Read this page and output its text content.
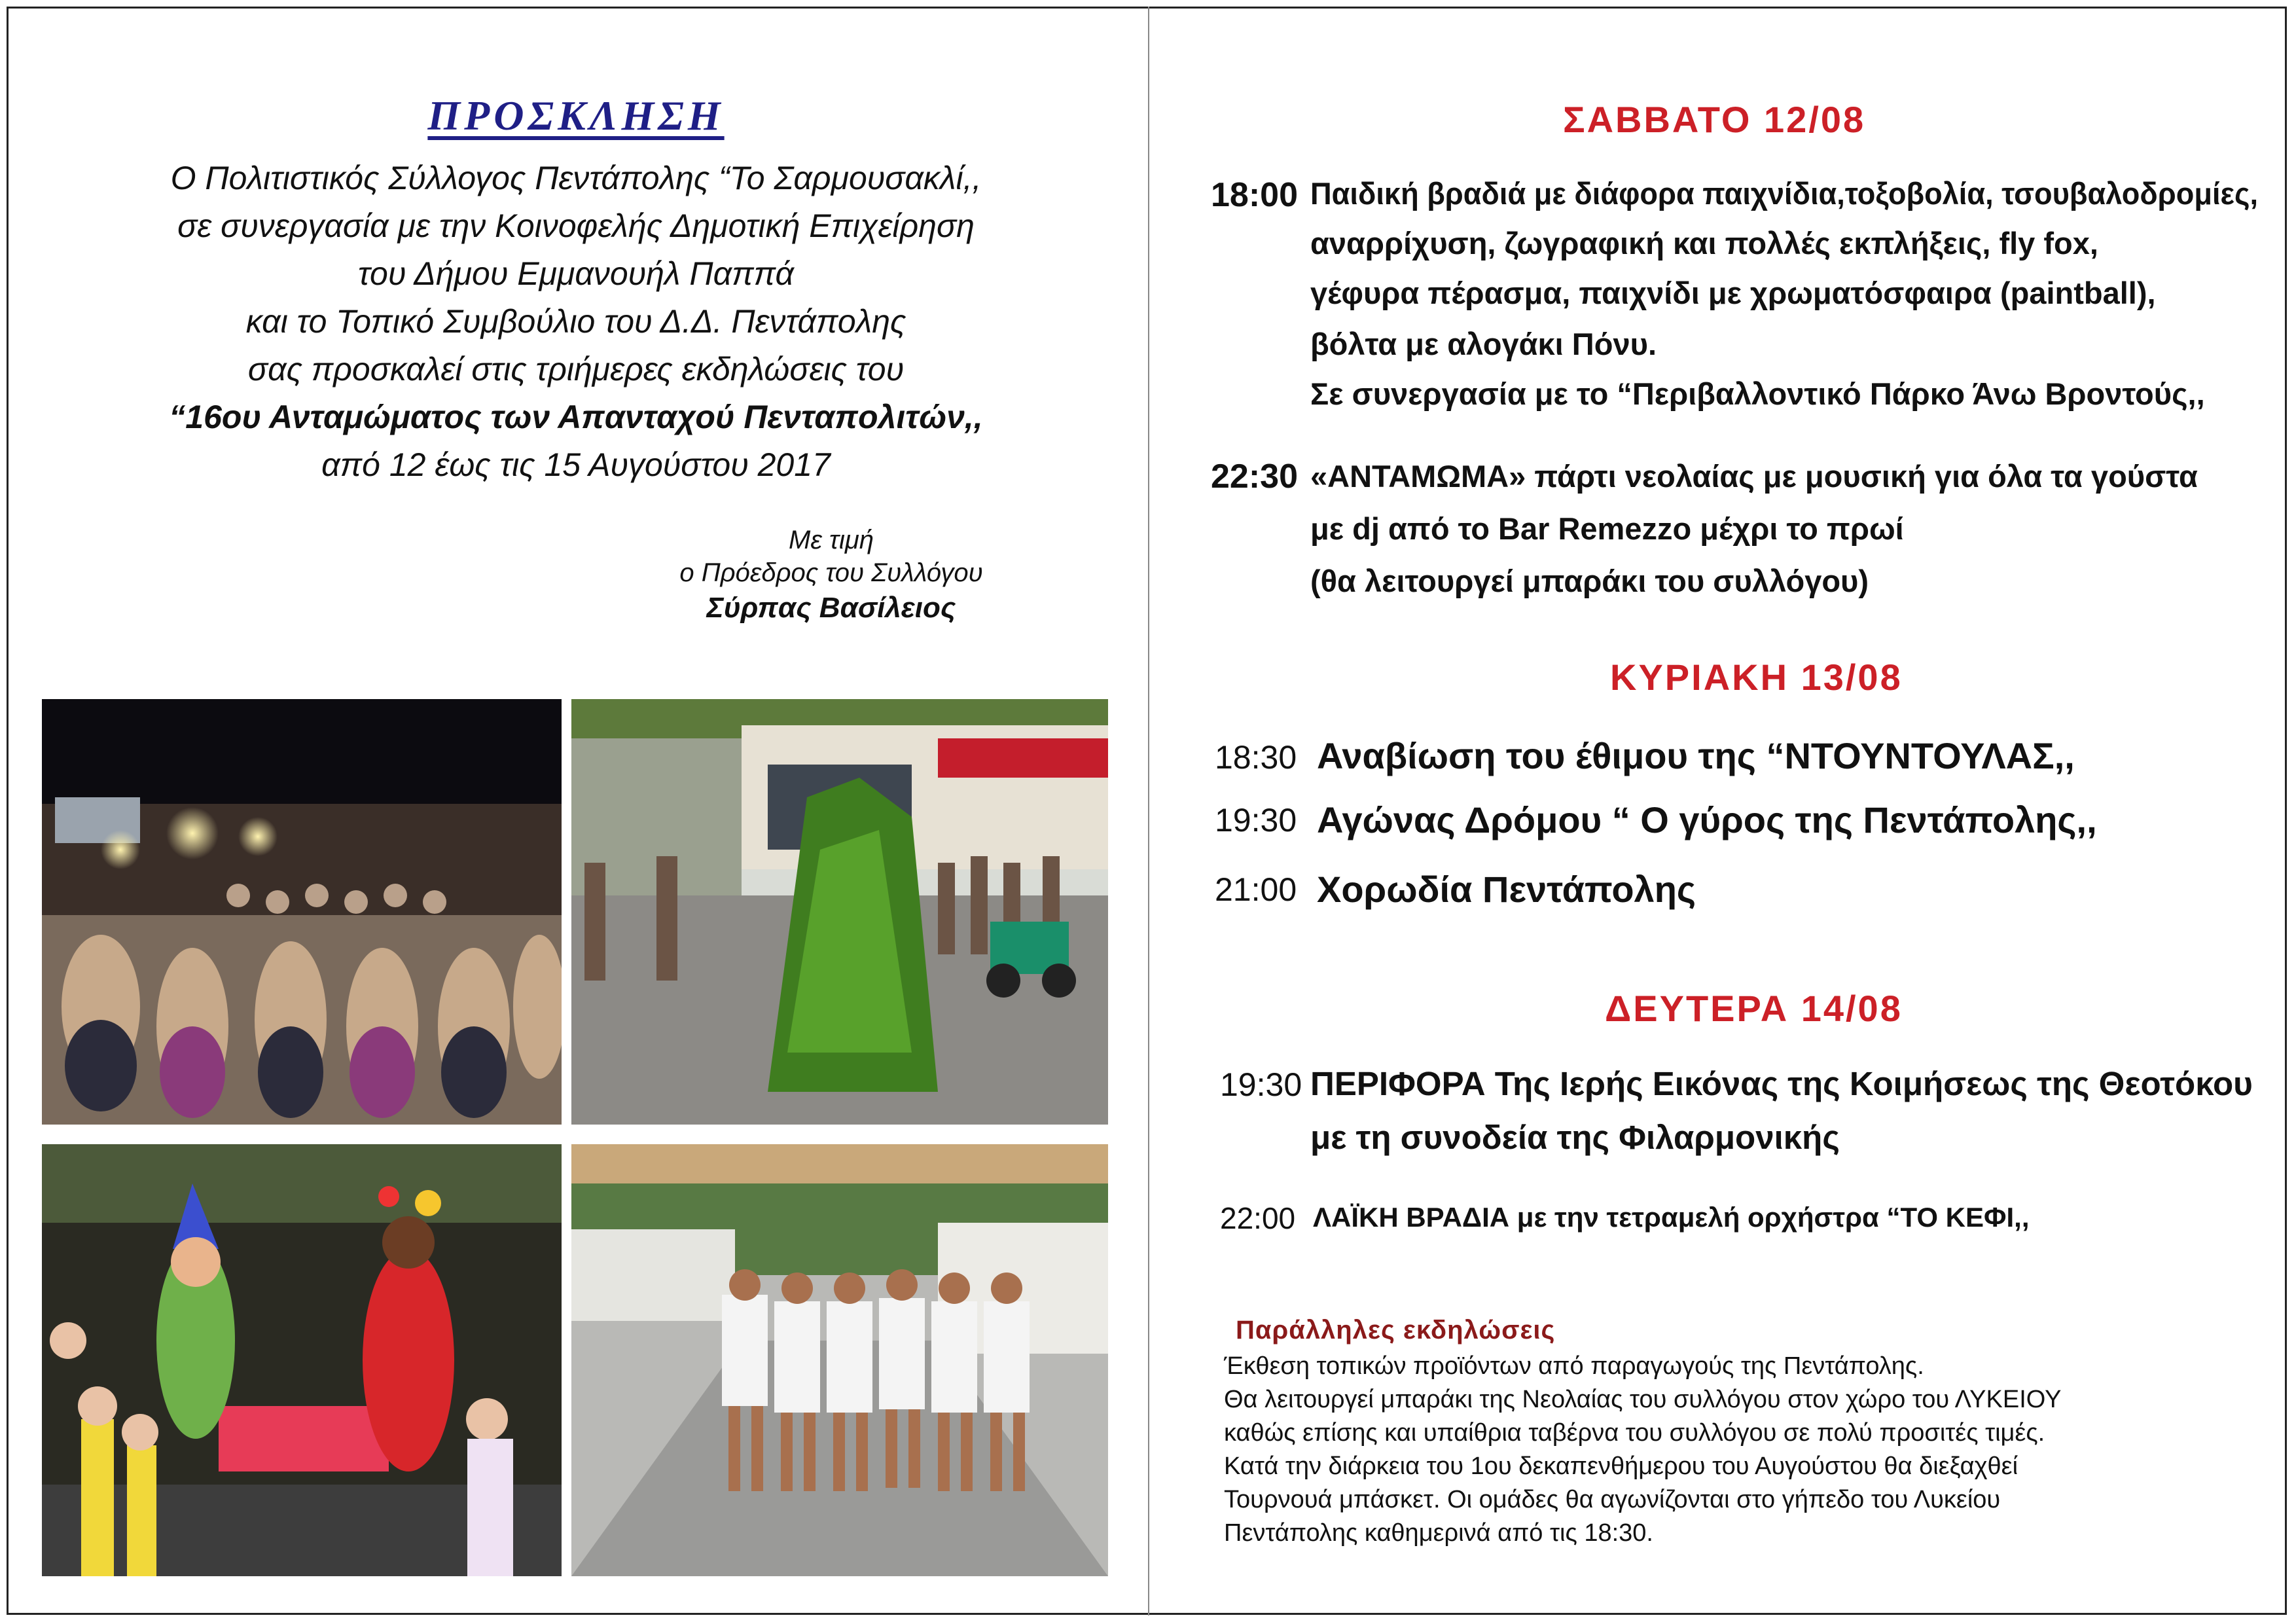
ΠΡΟΣΚΛΗΣΗ
Ο Πολιτιστικός Σύλλογος Πεντάπολης “Το Σαρμουσακλί,,
σε συνεργασία με την Κοινοφελής Δημοτική Επιχείρηση
του Δήμου Εμμανουήλ Παππά
και το Τοπικό Συμβούλιο του Δ.Δ. Πεντάπολης
σας προσκαλεί στις τριήμερες εκδηλώσεις του
“16ου Ανταμώματος των Απανταχού Πενταπολιτών,,
από 12 έως τις 15 Αυγούστου 2017
Με τιμή
ο Πρόεδρος του Συλλόγου
Σύρπας Βασίλειος
ΣΑΒΒΑΤΟ 12/08
18:00 Παιδική βραδιά με διάφορα παιχνίδια,τοξοβολία, τσουβαλοδρομίες,
αναρρίχυση, ζωγραφική και πολλές εκπλήξεις, fly fox,
γέφυρα πέρασμα, παιχνίδι με χρωματόσφαιρα (paintball),
βόλτα με αλογάκι Πόνυ.
Σε συνεργασία με το “Περιβαλλοντικό Πάρκο Άνω Βροντούς,,
22:30 «ΑΝΤΑΜΩΜΑ» πάρτι νεολαίας με μουσική για όλα τα γούστα
με dj από το Bar Remezzo μέχρι το πρωί
(θα λειτουργεί μπαράκι του συλλόγου)
ΚΥΡΙΑΚΗ 13/08
18:30 Αναβίωση του έθιμου της “ΝΤΟΥΝΤΟΥΛΑΣ,,
19:30 Αγώνας Δρόμου “ Ο γύρος της Πεντάπολης,,
21:00 Χορωδία Πεντάπολης
ΔΕΥΤΕΡΑ 14/08
19:30 ΠΕΡΙΦΟΡΑ Της Ιερής Εικόνας της Κοιμήσεως της Θεοτόκου
με τη συνοδεία της Φιλαρμονικής
22:00 ΛΑΪΚΗ ΒΡΑΔΙΑ με την τετραμελή ορχήστρα “ΤΟ ΚΕΦΙ,,
Παράλληλες εκδηλώσεις
Έκθεση τοπικών προϊόντων από παραγωγούς της Πεντάπολης.
Θα λειτουργεί μπαράκι της Νεολαίας του συλλόγου στον χώρο του ΛΥΚΕΙΟΥ
καθώς επίσης και υπαίθρια ταβέρνα του συλλόγου σε πολύ προσιτές τιμές.
Κατά την διάρκεια του 1ου δεκαπενθήμερου του Αυγούστου θα διεξαχθεί
Τουρνουά μπάσκετ. Οι ομάδες θα αγωνίζονται στο γήπεδο του Λυκείου
Πεντάπολης καθημερινά από τις 18:30.
